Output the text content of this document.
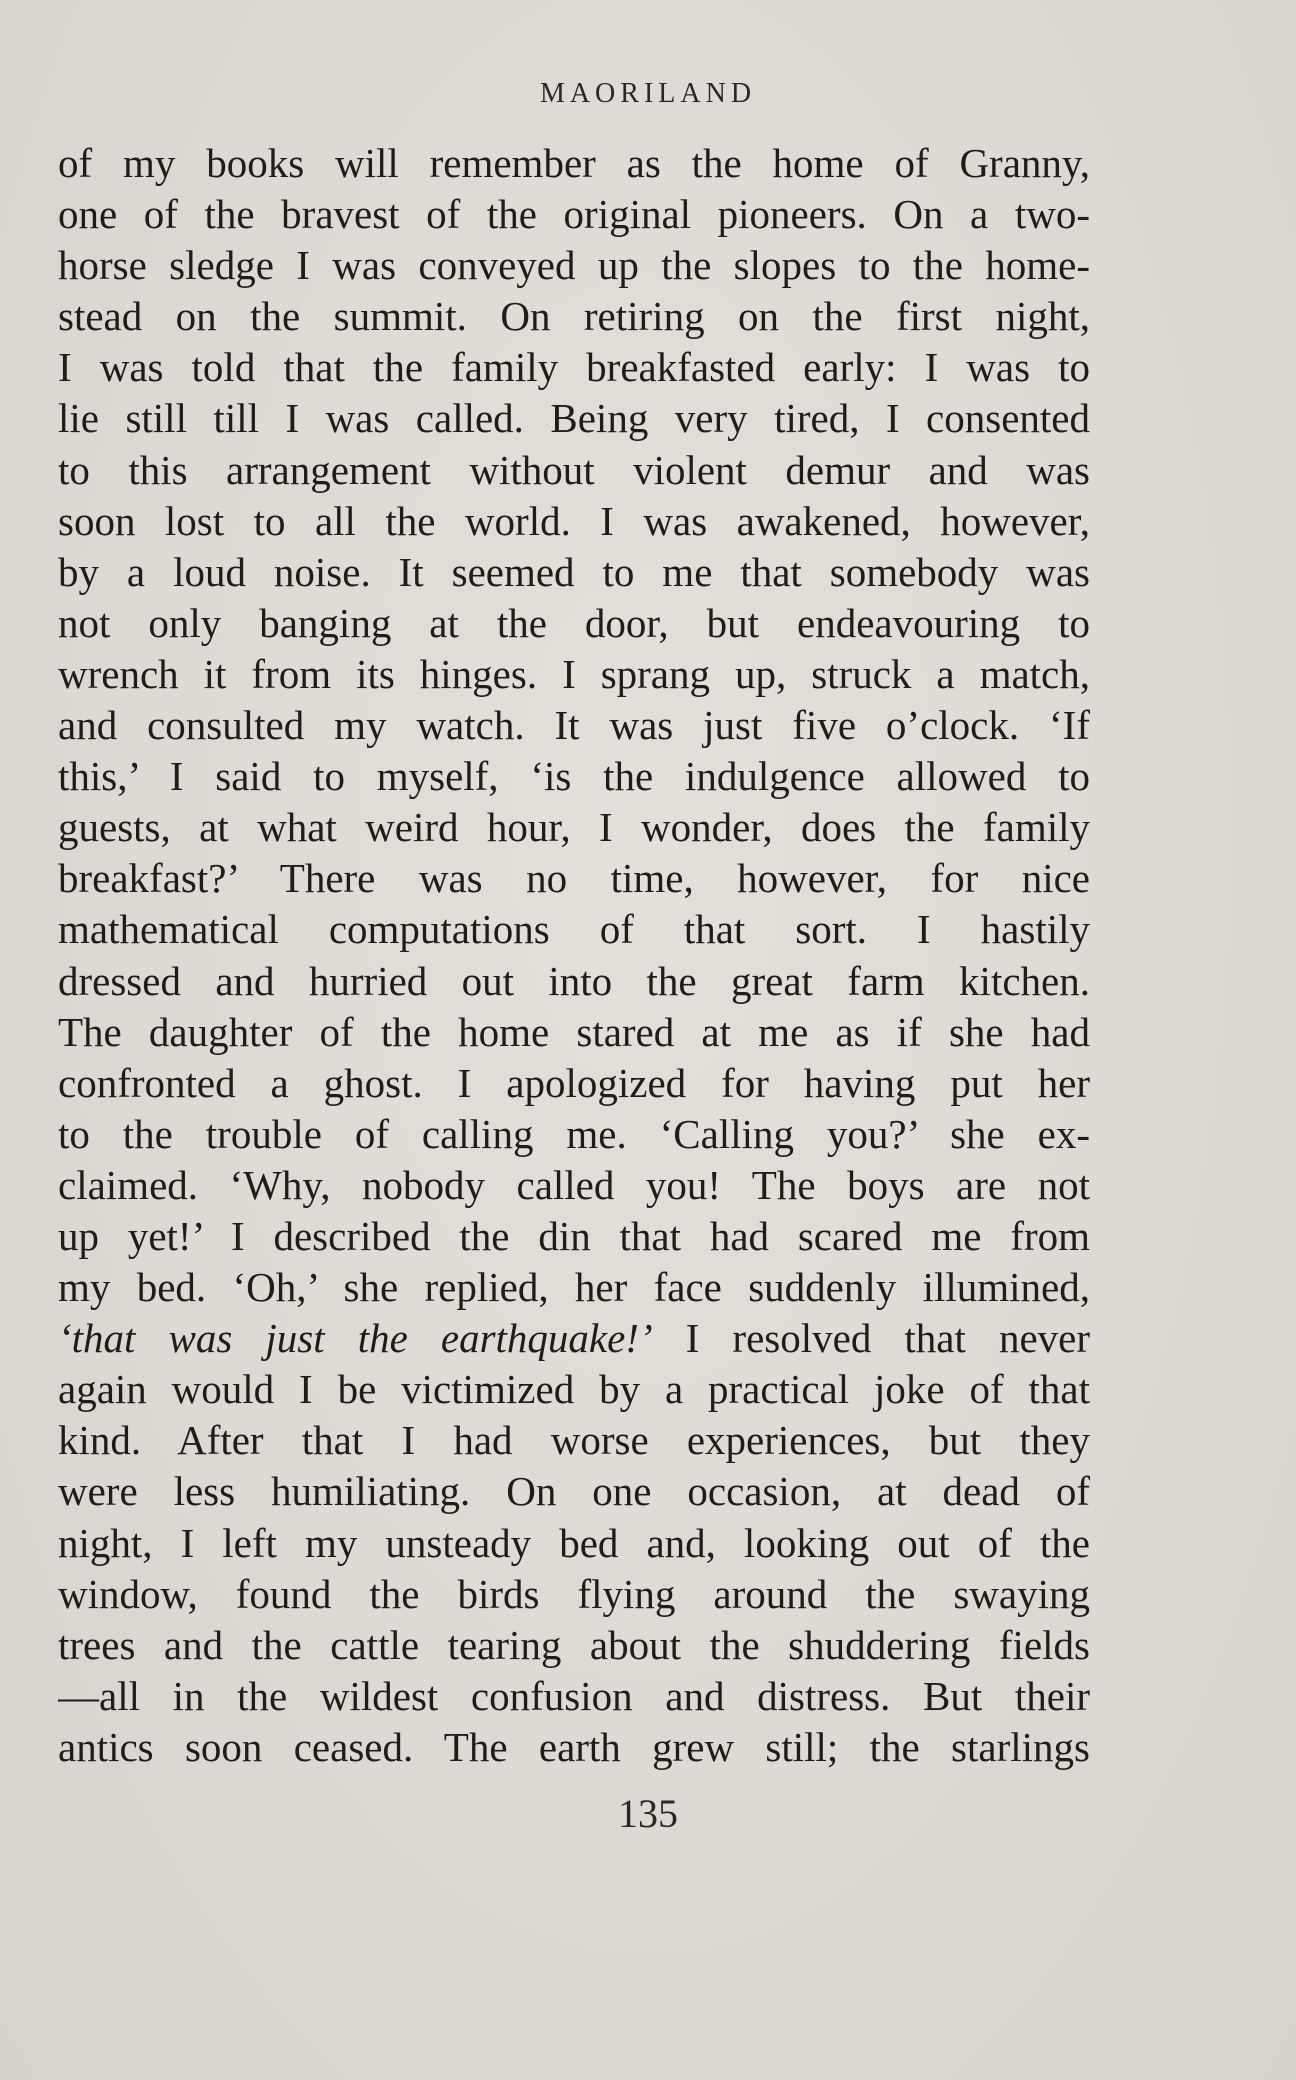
MAORILAND
of my books will remember as the home of Granny,
one of the bravest of the original pioneers. On a two-
horse sledge I was conveyed up the slopes to the home-
stead on the summit. On retiring on the first night,
I was told that the family breakfasted early: I was to
lie still till I was called. Being very tired, I consented
to this arrangement without violent demur and was
soon lost to all the world. I was awakened, however,
by a loud noise. It seemed to me that somebody was
not only banging at the door, but endeavouring to
wrench it from its hinges. I sprang up, struck a match,
and consulted my watch. It was just five o’clock. ‘If
this,’ I said to myself, ‘is the indulgence allowed to
guests, at what weird hour, I wonder, does the family
breakfast?’ There was no time, however, for nice
mathematical computations of that sort. I hastily
dressed and hurried out into the great farm kitchen.
The daughter of the home stared at me as if she had
confronted a ghost. I apologized for having put her
to the trouble of calling me. ‘Calling you?’ she ex-
claimed. ‘Why, nobody called you! The boys are not
up yet!’ I described the din that had scared me from
my bed. ‘Oh,’ she replied, her face suddenly illumined,
‘that was just the earthquake!’ I resolved that never
again would I be victimized by a practical joke of that
kind. After that I had worse experiences, but they
were less humiliating. On one occasion, at dead of
night, I left my unsteady bed and, looking out of the
window, found the birds flying around the swaying
trees and the cattle tearing about the shuddering fields
—all in the wildest confusion and distress. But their
antics soon ceased. The earth grew still; the starlings
135
